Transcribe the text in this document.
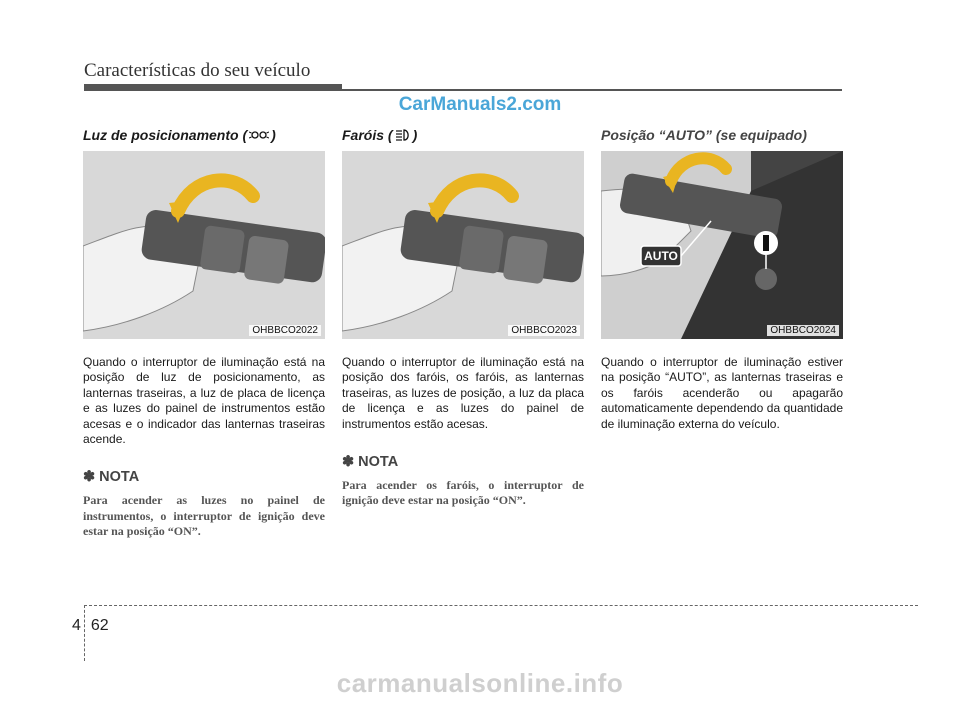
Características do seu veículo
CarManuals2.com
Luz de posicionamento ( )
OHBBCO2022
Quando o interruptor de iluminação está na posição de luz de posicionamento, as lanternas traseiras, a luz de placa de licença e as luzes do painel de instrumentos estão acesas e o indicador das lanternas traseiras acende.
✽ NOTA
Para acender as luzes no painel de instrumentos, o interruptor de ignição deve estar na posição “ON”.
Faróis ( )
OHBBCO2023
Quando o interruptor de iluminação está na posição dos faróis, os faróis, as lanternas traseiras, as luzes de posição, a luz da placa de licença e as luzes do painel de instrumentos estão acesas.
✽ NOTA
Para acender os faróis, o interruptor de ignição deve estar na posição “ON”.
Posição “AUTO” (se equipado)
AUTO
OHBBCO2024
Quando o interruptor de iluminação estiver na posição “AUTO”, as lanternas traseiras e os faróis acenderão ou apagarão automaticamente dependendo da quantidade de iluminação externa do veículo.
4 62
carmanualsonline.info
